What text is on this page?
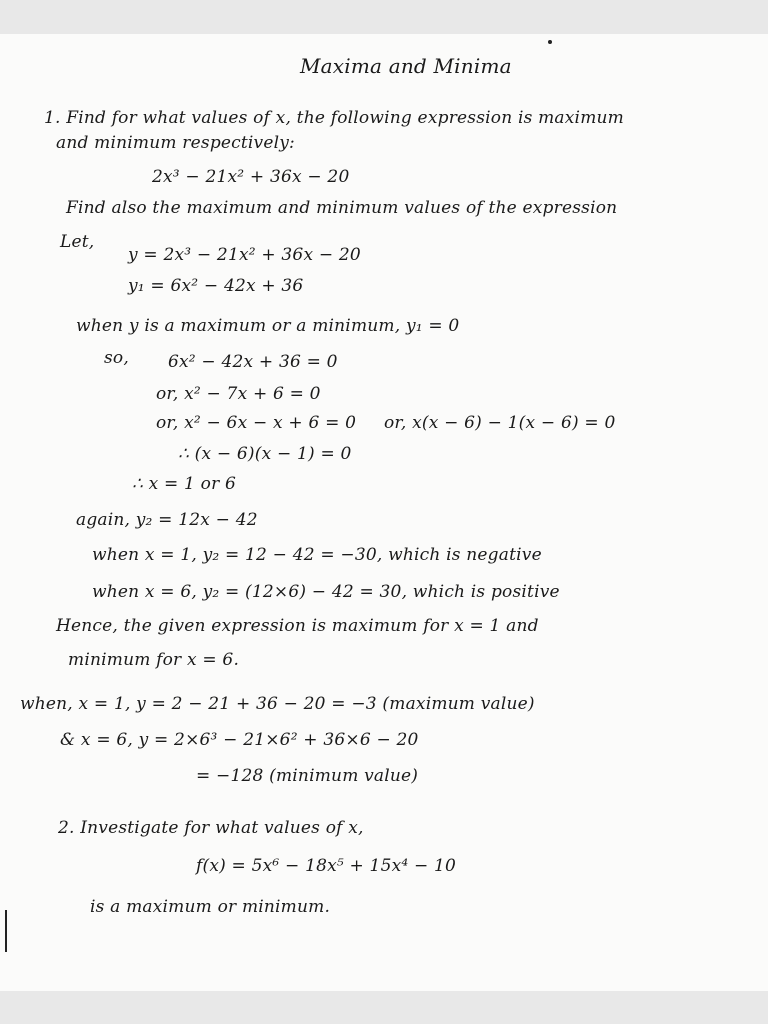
Maxima and Minima
1. Find for what values of x, the following expression is maximum
and minimum respectively:
2x³ − 21x² + 36x − 20
Find also the maximum and minimum values of the expression
Let,
y = 2x³ − 21x² + 36x − 20
y₁ = 6x² − 42x + 36
when y is a maximum or a minimum, y₁ = 0
so, 6x² − 42x + 36 = 0
or, x² − 7x + 6 = 0
or, x² − 6x − x + 6 = 0 or, x(x − 6) − 1(x − 6) = 0
∴ (x − 6)(x − 1) = 0
∴ x = 1 or 6
again, y₂ = 12x − 42
when x = 1, y₂ = 12 − 42 = −30, which is negative
when x = 6, y₂ = (12×6) − 42 = 30, which is positive
Hence, the given expression is maximum for x = 1 and
minimum for x = 6.
when, x = 1, y = 2 − 21 + 36 − 20 = −3 (maximum value)
& x = 6, y = 2×6³ − 21×6² + 36×6 − 20
= −128 (minimum value)
2. Investigate for what values of x,
f(x) = 5x⁶ − 18x⁵ + 15x⁴ − 10
is a maximum or minimum.
